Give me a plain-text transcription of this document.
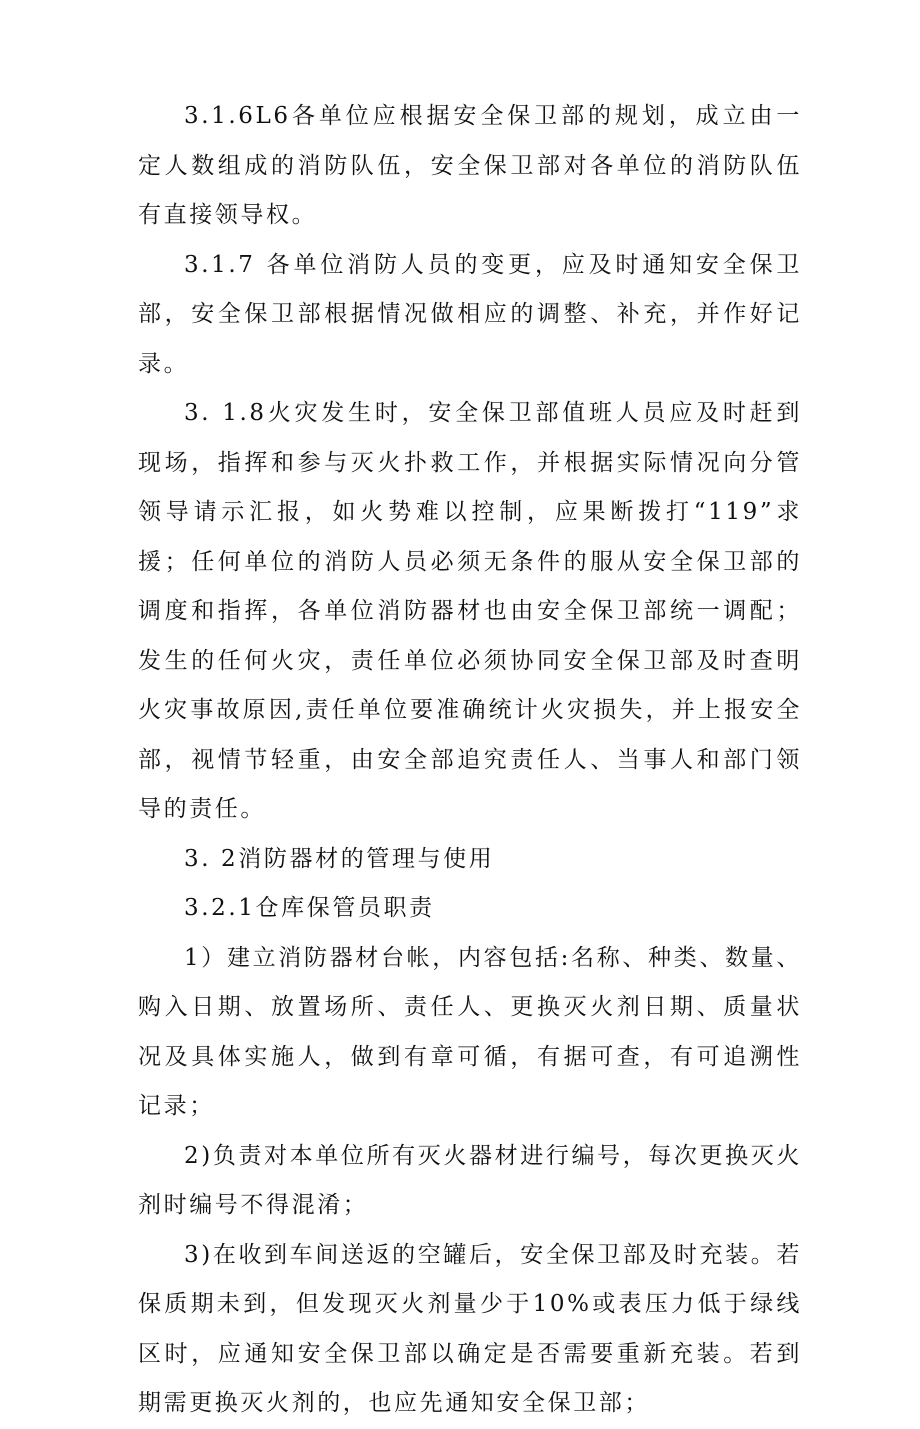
3.1.6L6各单位应根据安全保卫部的规划，成立由一定人数组成的消防队伍，安全保卫部对各单位的消防队伍有直接领导权。

3.1.7 各单位消防人员的变更，应及时通知安全保卫部，安全保卫部根据情况做相应的调整、补充，并作好记录。

3. 1.8火灾发生时，安全保卫部值班人员应及时赶到现场，指挥和参与灭火扑救工作，并根据实际情况向分管领导请示汇报，如火势难以控制，应果断拨打“119”求援；任何单位的消防人员必须无条件的服从安全保卫部的调度和指挥，各单位消防器材也由安全保卫部统一调配；发生的任何火灾，责任单位必须协同安全保卫部及时查明火灾事故原因,责任单位要准确统计火灾损失，并上报安全部，视情节轻重，由安全部追究责任人、当事人和部门领导的责任。

3. 2消防器材的管理与使用

3.2.1仓库保管员职责

1）建立消防器材台帐，内容包括:名称、种类、数量、购入日期、放置场所、责任人、更换灭火剂日期、质量状况及具体实施人，做到有章可循，有据可查，有可追溯性记录；

2)负责对本单位所有灭火器材进行编号，每次更换灭火剂时编号不得混淆；

3)在收到车间送返的空罐后，安全保卫部及时充装。若保质期未到，但发现灭火剂量少于10%或表压力低于绿线区时，应通知安全保卫部以确定是否需要重新充装。若到期需更换灭火剂的，也应先通知安全保卫部；
